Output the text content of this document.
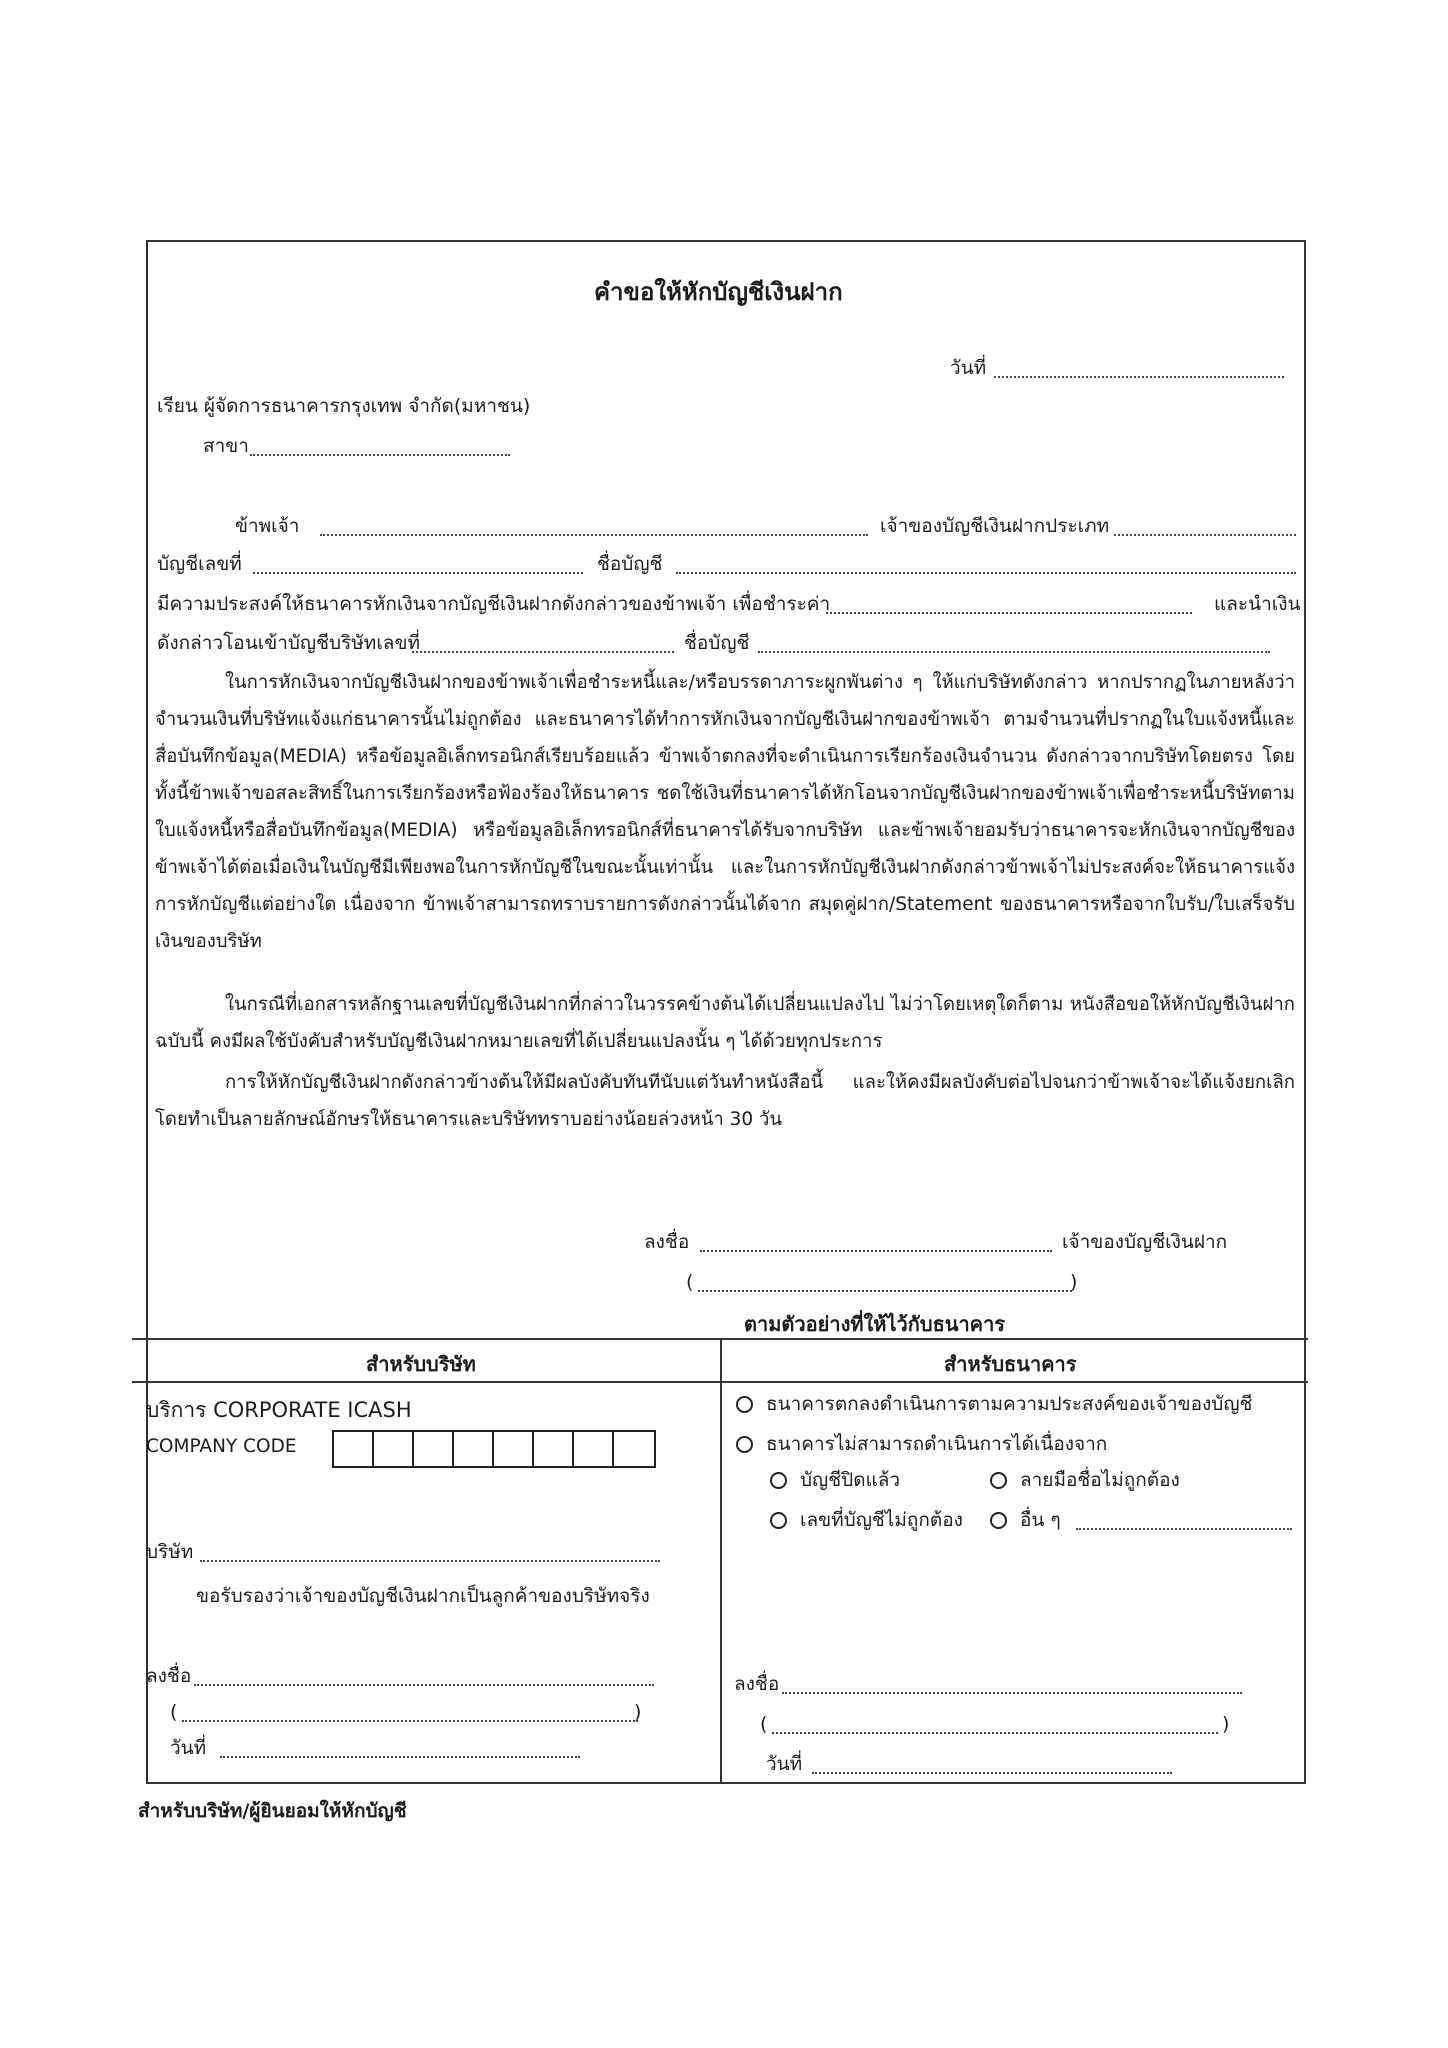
คำขอให้หักบัญชีเงินฝาก
วันที่
เรียน ผู้จัดการธนาคารกรุงเทพ จำกัด(มหาชน)
สาขา
ข้าพเจ้า	เจ้าของบัญชีเงินฝากประเภท
บัญชีเลขที่	ชื่อบัญชี
มีความประสงค์ให้ธนาคารหักเงินจากบัญชีเงินฝากดังกล่าวของข้าพเจ้า เพื่อชำระค่า	และนำเงิน
ดังกล่าวโอนเข้าบัญชีบริษัทเลขที่	ชื่อบัญชี
ในการหักเงินจากบัญชีเงินฝากของข้าพเจ้าเพื่อชำระหนี้และ/หรือบรรดาภาระผูกพันต่าง ๆ ให้แก่บริษัทดังกล่าว หากปรากฏในภายหลังว่าจำนวนเงินที่บริษัทแจ้งแก่ธนาคารนั้นไม่ถูกต้อง และธนาคารได้ทำการหักเงินจากบัญชีเงินฝากของข้าพเจ้า ตามจำนวนที่ปรากฏในใบแจ้งหนี้และสื่อบันทึกข้อมูล(MEDIA) หรือข้อมูลอิเล็กทรอนิกส์เรียบร้อยแล้ว ข้าพเจ้าตกลงที่จะดำเนินการเรียกร้องเงินจำนวน ดังกล่าวจากบริษัทโดยตรง โดยทั้งนี้ข้าพเจ้าขอสละสิทธิ์ในการเรียกร้องหรือฟ้องร้องให้ธนาคาร ชดใช้เงินที่ธนาคารได้หักโอนจากบัญชีเงินฝากของข้าพเจ้าเพื่อชำระหนี้บริษัทตามใบแจ้งหนี้หรือสื่อบันทึกข้อมูล(MEDIA) หรือข้อมูลอิเล็กทรอนิกส์ที่ธนาคารได้รับจากบริษัท และข้าพเจ้ายอมรับว่าธนาคารจะหักเงินจากบัญชีของข้าพเจ้าได้ต่อเมื่อเงินในบัญชีมีเพียงพอในการหักบัญชีในขณะนั้นเท่านั้น และในการหักบัญชีเงินฝากดังกล่าวข้าพเจ้าไม่ประสงค์จะให้ธนาคารแจ้งการหักบัญชีแต่อย่างใด เนื่องจาก ข้าพเจ้าสามารถทราบรายการดังกล่าวนั้นได้จาก สมุดคู่ฝาก/Statement ของธนาคารหรือจากใบรับ/ใบเสร็จรับเงินของบริษัท
ในกรณีที่เอกสารหลักฐานเลขที่บัญชีเงินฝากที่กล่าวในวรรคข้างต้นได้เปลี่ยนแปลงไป ไม่ว่าโดยเหตุใดก็ตาม หนังสือขอให้หักบัญชีเงินฝากฉบับนี้ คงมีผลใช้บังคับสำหรับบัญชีเงินฝากหมายเลขที่ได้เปลี่ยนแปลงนั้น ๆ ได้ด้วยทุกประการ
การให้หักบัญชีเงินฝากดังกล่าวข้างต้นให้มีผลบังคับทันทีนับแต่วันทำหนังสือนี้ และให้คงมีผลบังคับต่อไปจนกว่าข้าพเจ้าจะได้แจ้งยกเลิกโดยทำเป็นลายลักษณ์อักษรให้ธนาคารและบริษัททราบอย่างน้อยล่วงหน้า 30 วัน
ลงชื่อ	เจ้าของบัญชีเงินฝาก
(	)
ตามตัวอย่างที่ให้ไว้กับธนาคาร
สำหรับบริษัท	สำหรับธนาคาร
บริการ CORPORATE ICASH
COMPANY CODE
บริษัท
ขอรับรองว่าเจ้าของบัญชีเงินฝากเป็นลูกค้าของบริษัทจริง
ลงชื่อ
(	)
วันที่
ธนาคารตกลงดำเนินการตามความประสงค์ของเจ้าของบัญชี
ธนาคารไม่สามารถดำเนินการได้เนื่องจาก
บัญชีปิดแล้ว	ลายมือชื่อไม่ถูกต้อง
เลขที่บัญชีไม่ถูกต้อง	อื่น ๆ
ลงชื่อ
(	)
วันที่
สำหรับบริษัท/ผู้ยินยอมให้หักบัญชี
